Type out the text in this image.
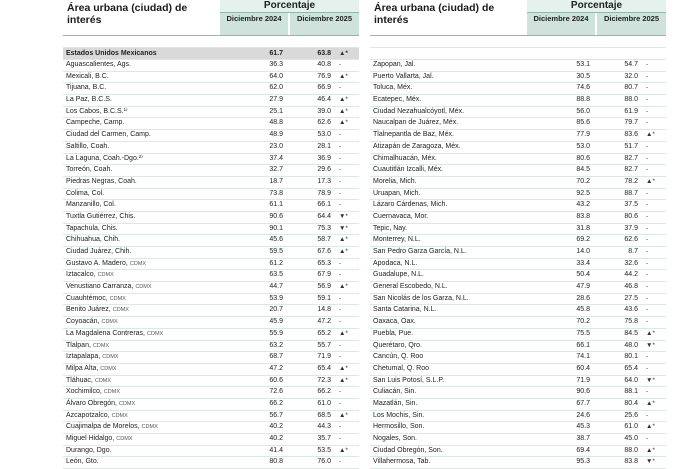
Área urbana (ciudad) de interés
Porcentaje
Diciembre 2024	Diciembre 2025
Estados Unidos Mexicanos	61.7	63.8 ▲*
Aguascalientes, Ags.	36.3	40.8 -
Mexicali, B.C.	64.0	76.9 ▲*
Tijuana, B.C.	62.0	66.9 -
La Paz, B.C.S.	27.9	46.4 ▲*
Los Cabos, B.C.S.¹⁾	25.1	39.0 ▲*
Campeche, Camp.	48.8	62.6 ▲*
Ciudad del Carmen, Camp.	48.9	53.0 -
Saltillo, Coah.	23.0	28.1 -
La Laguna, Coah.-Dgo.²⁾	37.4	36.9 -
Torreón, Coah.	32.7	29.6 -
Piedras Negras, Coah.	18.7	17.3 -
Colima, Col.	73.8	78.9 -
Manzanillo, Col.	61.1	66.1 -
Tuxtla Gutiérrez, Chis.	90.6	64.4 ▼*
Tapachula, Chis.	90.1	75.3 ▼*
Chihuahua, Chih.	45.6	58.7 ▲*
Ciudad Juárez, Chih.	59.5	67.6 ▲*
Gustavo A. Madero, CDMX	61.2	65.3 -
Iztacalco, CDMX	63.5	67.9 -
Venustiano Carranza, CDMX	44.7	56.9 ▲*
Cuauhtémoc, CDMX	53.9	59.1 -
Benito Juárez, CDMX	20.7	14.8 -
Coyoacán, CDMX	45.9	47.2 -
La Magdalena Contreras, CDMX	55.9	65.2 ▲*
Tlalpan, CDMX	63.2	55.7 -
Iztapalapa, CDMX	68.7	71.9 -
Milpa Alta, CDMX	47.2	65.4 ▲*
Tláhuac, CDMX	60.6	72.3 ▲*
Xochimilco, CDMX	72.6	66.2 -
Álvaro Obregón, CDMX	66.2	61.0 -
Azcapotzalco, CDMX	56.7	68.5 ▲*
Cuajimalpa de Morelos, CDMX	40.2	44.3 -
Miguel Hidalgo, CDMX	40.2	35.7 -
Durango, Dgo.	41.4	53.5 ▲*
León, Gto.	80.8	76.0 -
Área urbana (ciudad) de interés
Porcentaje
Diciembre 2024	Diciembre 2025
Zapopan, Jal.	53.1	54.7 -
Puerto Vallarta, Jal.	30.5	32.0 -
Toluca, Méx.	74.6	80.7 -
Ecatepec, Méx.	88.8	88.0 -
Ciudad Nezahualcóyotl, Méx.	56.0	61.9 -
Naucalpan de Juárez, Méx.	85.6	79.7 -
Tlalnepantla de Baz, Méx.	77.9	83.6 ▲*
Atizapán de Zaragoza, Méx.	53.0	51.7 -
Chimalhuacán, Méx.	80.6	82.7 -
Cuautitlán Izcalli, Méx.	84.5	82.7 -
Morelia, Mich.	70.2	78.2 ▲*
Uruapan, Mich.	92.5	88.7 -
Lázaro Cárdenas, Mich.	43.2	37.5 -
Cuernavaca, Mor.	83.8	80.6 -
Tepic, Nay.	31.8	37.9 -
Monterrey, N.L.	69.2	62.6 -
San Pedro Garza García, N.L.	14.0	8.7 -
Apodaca, N.L.	33.4	32.6 -
Guadalupe, N.L.	50.4	44.2 -
General Escobedo, N.L.	47.9	46.8 -
San Nicolás de los Garza, N.L.	28.6	27.5 -
Santa Catarina, N.L.	45.8	43.6 -
Oaxaca, Oax.	70.2	75.8 -
Puebla, Pue.	75.5	84.5 ▲*
Querétaro, Qro.	66.1	48.0 ▼*
Cancún, Q. Roo	74.1	80.1 -
Chetumal, Q. Roo	60.4	65.4 -
San Luis Potosí, S.L.P.	71.9	64.0 ▼*
Culiacán, Sin.	90.6	88.1 -
Mazatlán, Sin.	67.7	80.4 ▲*
Los Mochis, Sin.	24.6	25.6 -
Hermosillo, Son.	45.3	61.0 ▲*
Nogales, Son.	38.7	45.0 -
Ciudad Obregón, Son.	69.4	88.0 ▲*
Villahermosa, Tab.	95.3	83.8 ▼*
